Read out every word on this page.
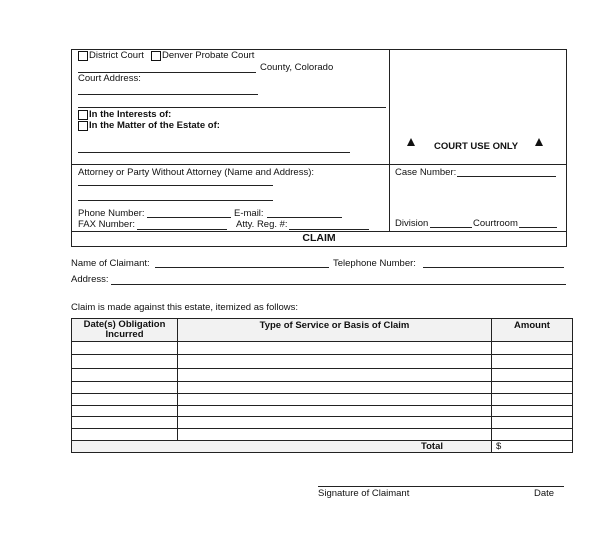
District Court Denver Probate Court
County, Colorado
Court Address:
In the Interests of:
In the Matter of the Estate of:
COURT USE ONLY
Attorney or Party Without Attorney (Name and Address):
Phone Number:	E-mail:
FAX Number:	Atty. Reg. #:
Case Number:
Division	Courtroom
CLAIM
Name of Claimant:	Telephone Number:
Address:
Claim is made against this estate, itemized as follows:
Date(s) Obligation
Incurred
Type of Service or Basis of Claim	Amount
Total	$
Signature of Claimant	Date
